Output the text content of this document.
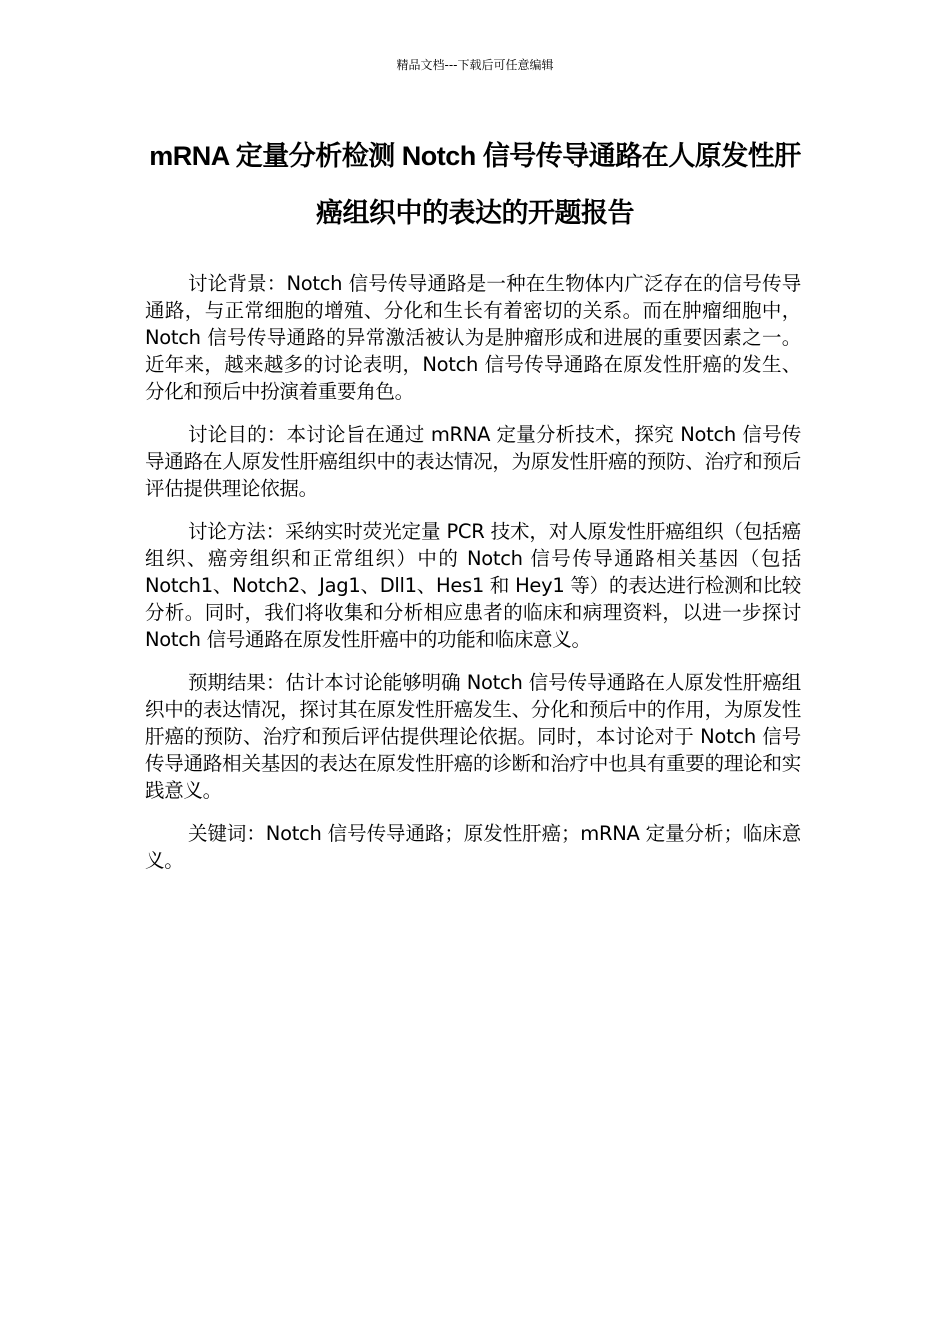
精品文档---下载后可任意编辑
mRNA 定量分析检测 Notch 信号传导通路在人原发性肝癌组织中的表达的开题报告

讨论背景：Notch 信号传导通路是一种在生物体内广泛存在的信号传导通路，与正常细胞的增殖、分化和生长有着密切的关系。而在肿瘤细胞中，Notch 信号传导通路的异常激活被认为是肿瘤形成和进展的重要因素之一。近年来，越来越多的讨论表明，Notch 信号传导通路在原发性肝癌的发生、分化和预后中扮演着重要角色。

讨论目的：本讨论旨在通过 mRNA 定量分析技术，探究 Notch 信号传导通路在人原发性肝癌组织中的表达情况，为原发性肝癌的预防、治疗和预后评估提供理论依据。

讨论方法：采纳实时荧光定量 PCR 技术，对人原发性肝癌组织（包括癌组织、癌旁组织和正常组织）中的 Notch 信号传导通路相关基因（包括 Notch1、Notch2、Jag1、Dll1、Hes1 和 Hey1 等）的表达进行检测和比较分析。同时，我们将收集和分析相应患者的临床和病理资料，以进一步探讨 Notch 信号通路在原发性肝癌中的功能和临床意义。

预期结果：估计本讨论能够明确 Notch 信号传导通路在人原发性肝癌组织中的表达情况，探讨其在原发性肝癌发生、分化和预后中的作用，为原发性肝癌的预防、治疗和预后评估提供理论依据。同时，本讨论对于 Notch 信号传导通路相关基因的表达在原发性肝癌的诊断和治疗中也具有重要的理论和实践意义。

关键词：Notch 信号传导通路；原发性肝癌；mRNA 定量分析；临床意义。
